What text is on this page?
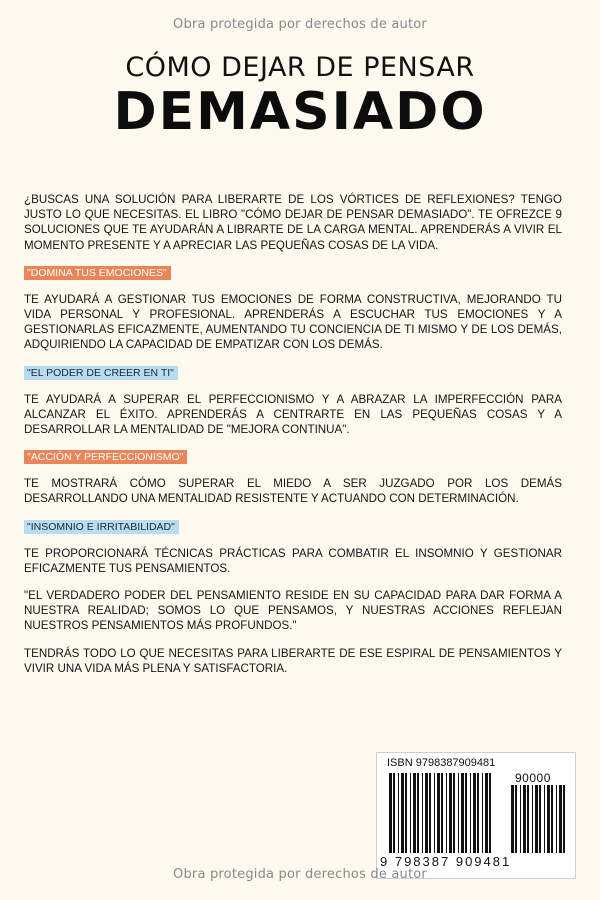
Obra protegida por derechos de autor
CÓMO DEJAR DE PENSAR
DEMASIADO

¿BUSCAS UNA SOLUCIÓN PARA LIBERARTE DE LOS VÓRTICES DE REFLEXIONES? TENGO JUSTO LO QUE NECESITAS. EL LIBRO "CÓMO DEJAR DE PENSAR DEMASIADO". TE OFREZCE 9 SOLUCIONES QUE TE AYUDARÁN A LIBRARTE DE LA CARGA MENTAL. APRENDERÁS A VIVIR EL MOMENTO PRESENTE Y A APRECIAR LAS PEQUEÑAS COSAS DE LA VIDA.

"DOMINA TUS EMOCIONES"

TE AYUDARÁ A GESTIONAR TUS EMOCIONES DE FORMA CONSTRUCTIVA, MEJORANDO TU VIDA PERSONAL Y PROFESIONAL. APRENDERÁS A ESCUCHAR TUS EMOCIONES Y A GESTIONARLAS EFICAZMENTE, AUMENTANDO TU CONCIENCIA DE TI MISMO Y DE LOS DEMÁS, ADQUIRIENDO LA CAPACIDAD DE EMPATIZAR CON LOS DEMÁS.

"EL PODER DE CREER EN TI"

TE AYUDARÁ A SUPERAR EL PERFECCIONISMO Y A ABRAZAR LA IMPERFECCIÓN PARA ALCANZAR EL ÉXITO. APRENDERÁS A CENTRARTE EN LAS PEQUEÑAS COSAS Y A DESARROLLAR LA MENTALIDAD DE "MEJORA CONTINUA".

"ACCIÓN Y PERFECCIONISMO"

TE MOSTRARÁ CÓMO SUPERAR EL MIEDO A SER JUZGADO POR LOS DEMÁS DESARROLLANDO UNA MENTALIDAD RESISTENTE Y ACTUANDO CON DETERMINACIÓN.

"INSOMNIO E IRRITABILIDAD"

TE PROPORCIONARÁ TÉCNICAS PRÁCTICAS PARA COMBATIR EL INSOMNIO Y GESTIONAR EFICAZMENTE TUS PENSAMIENTOS.

"EL VERDADERO PODER DEL PENSAMIENTO RESIDE EN SU CAPACIDAD PARA DAR FORMA A NUESTRA REALIDAD; SOMOS LO QUE PENSAMOS, Y NUESTRAS ACCIONES REFLEJAN NUESTROS PENSAMIENTOS MÁS PROFUNDOS."

TENDRÁS TODO LO QUE NECESITAS PARA LIBERARTE DE ESE ESPIRAL DE PENSAMIENTOS Y VIVIR UNA VIDA MÁS PLENA Y SATISFACTORIA.

ISBN 9798387909481
90000
9 798387 909481
Obra protegida por derechos de autor
